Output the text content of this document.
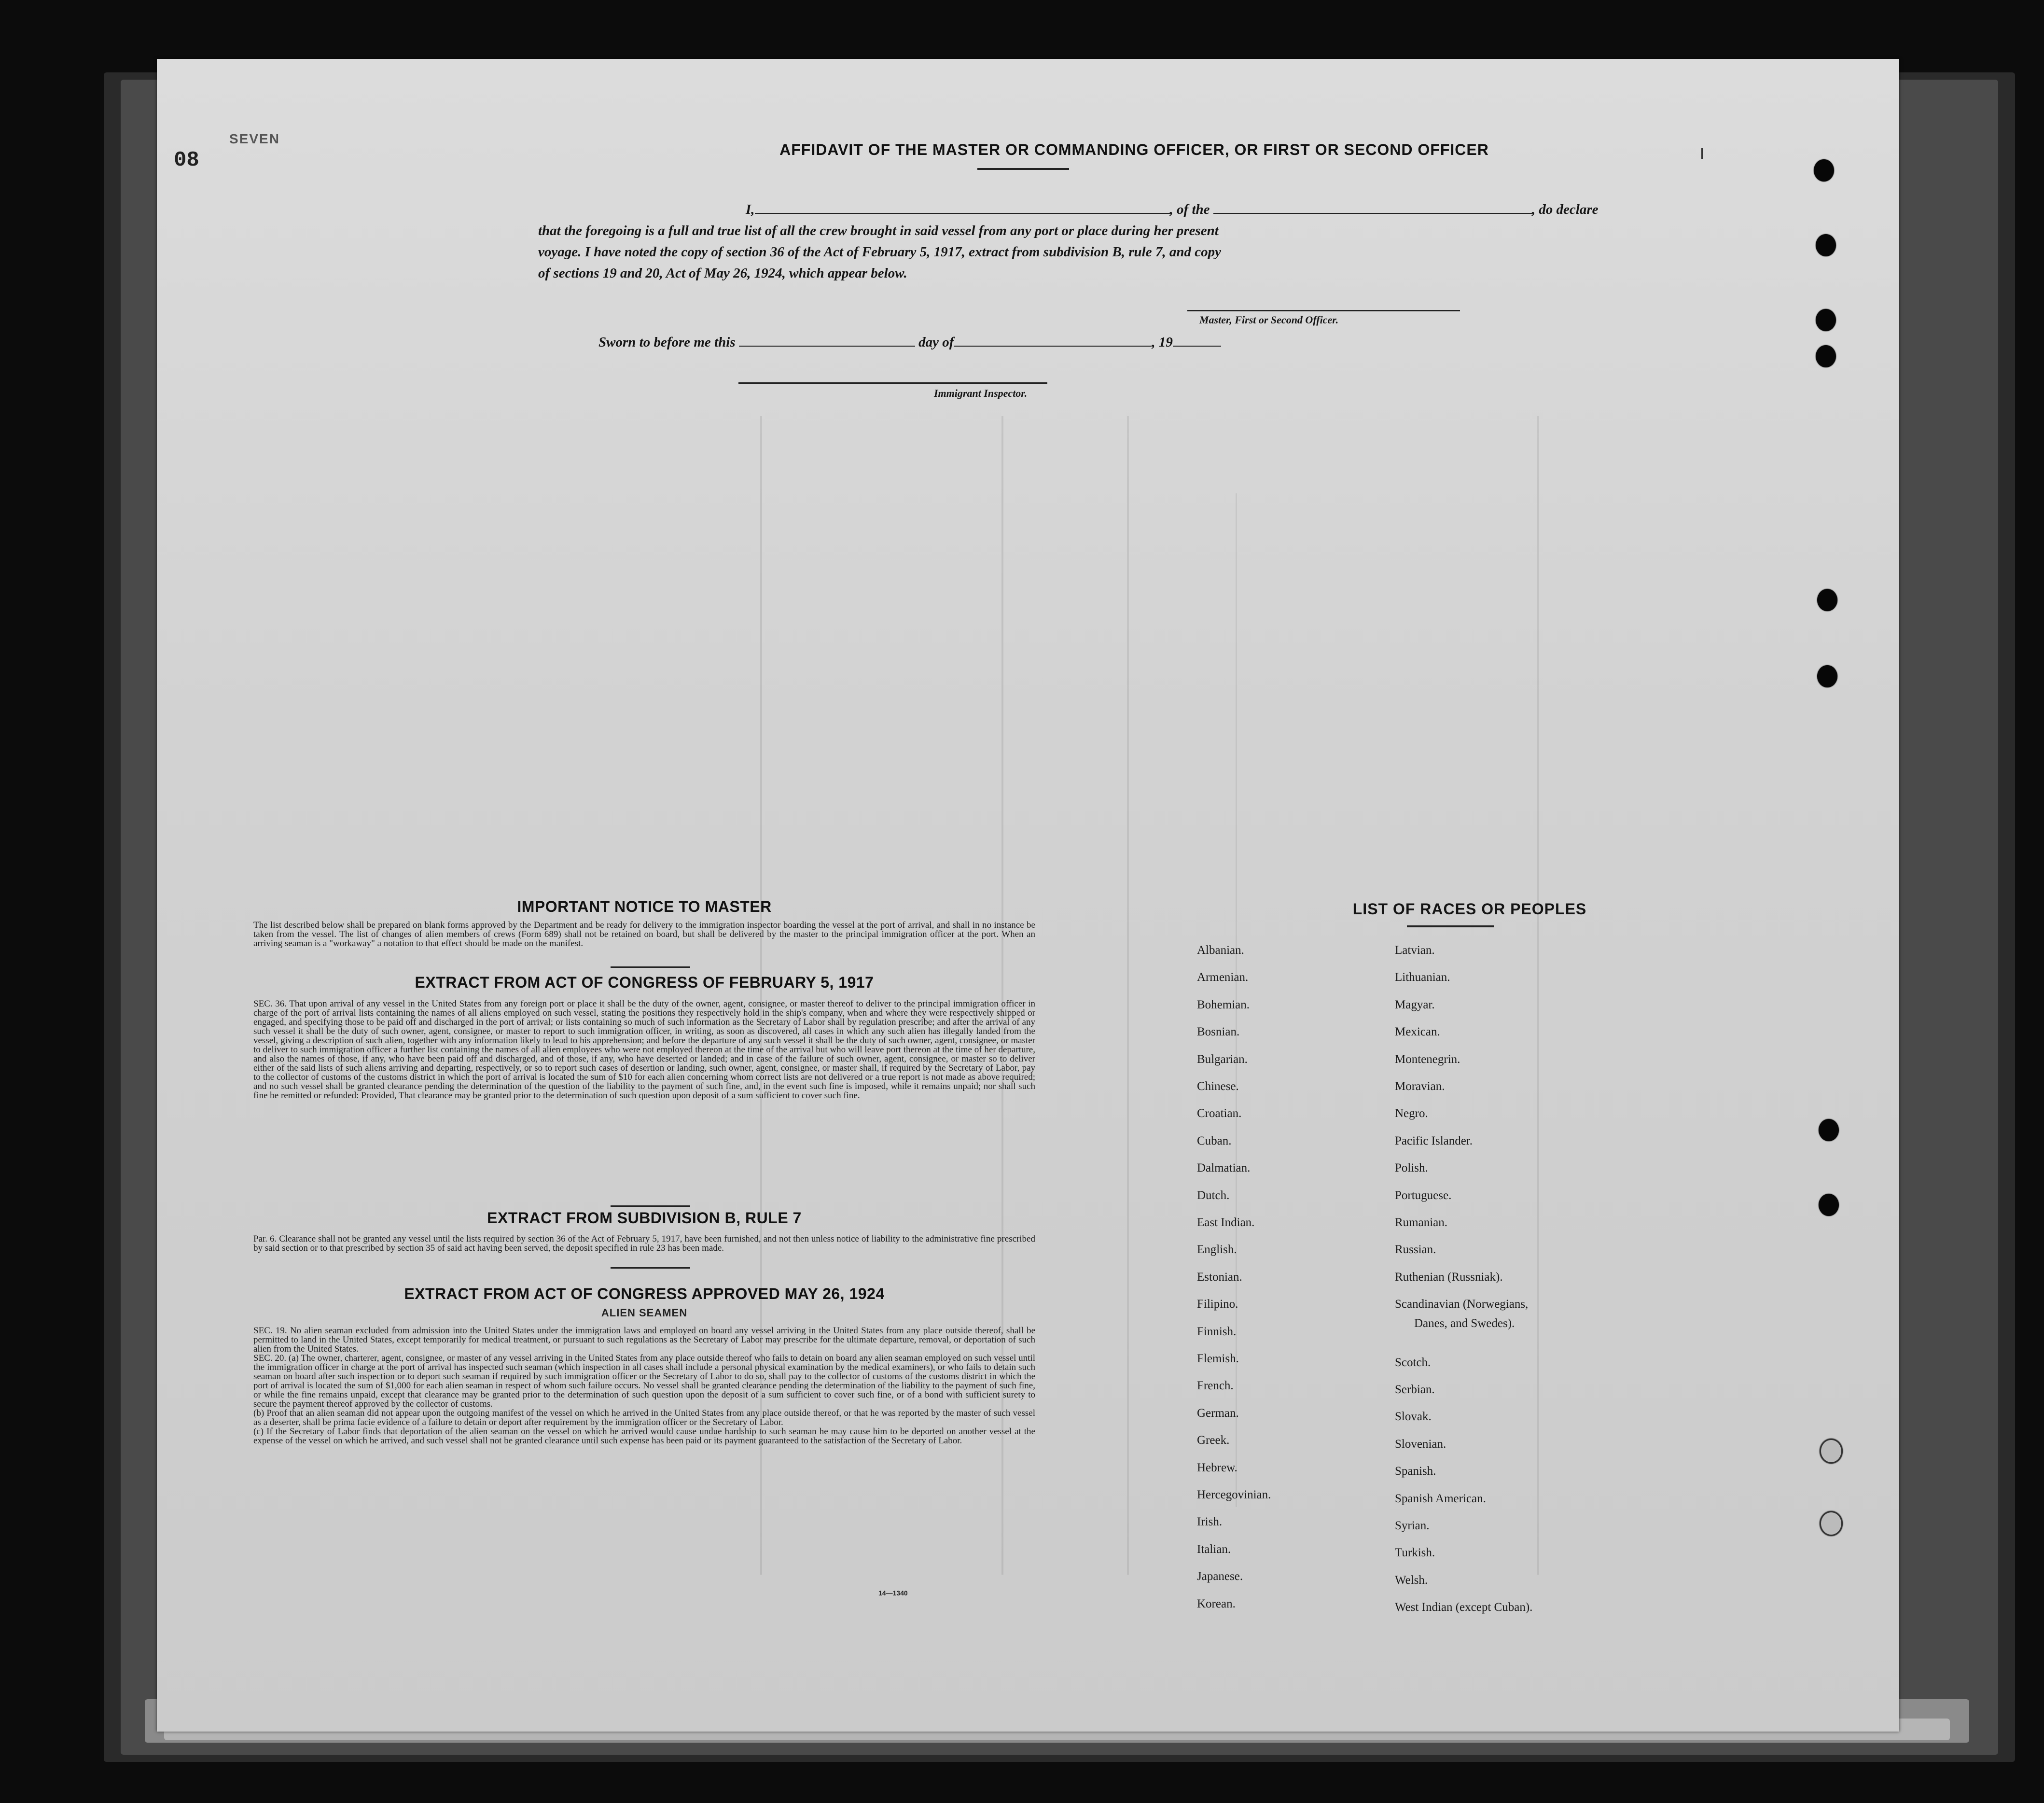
SEVEN
08	AFFIDAVIT OF THE MASTER OR COMMANDING OFFICER, OR FIRST OR SECOND OFFICER
I,	, of the	, do declare
that the foregoing is a full and true list of all the crew brought in said vessel from any port or place during her present
voyage. I have noted the copy of section 36 of the Act of February 5, 1917, extract from subdivision B, rule 7, and copy
of sections 19 and 20, Act of May 26, 1924, which appear below.
Master, First or Second Officer.
Sworn to before me this	day of	, 19
Immigrant Inspector.

IMPORTANT NOTICE TO MASTER
The list described below shall be prepared on blank forms approved by the Department and be ready for delivery to the immigration inspector boarding the vessel at the port of arrival, and shall in no instance be taken from the vessel. The list of changes of alien members of crews (Form 689) shall not be retained on board, but shall be delivered by the master to the principal immigration officer at the port. When an arriving seaman is a "workaway" a notation to that effect should be made on the manifest.
EXTRACT FROM ACT OF CONGRESS OF FEBRUARY 5, 1917
SEC. 36. That upon arrival of any vessel in the United States from any foreign port or place it shall be the duty of the owner, agent, consignee, or master thereof to deliver to the principal immigration officer in charge of the port of arrival lists containing the names of all aliens employed on such vessel, stating the positions they respectively hold in the ship's company, when and where they were respectively shipped or engaged, and specifying those to be paid off and discharged in the port of arrival; or lists containing so much of such information as the Secretary of Labor shall by regulation prescribe; and after the arrival of any such vessel it shall be the duty of such owner, agent, consignee, or master to report to such immigration officer, in writing, as soon as discovered, all cases in which any such alien has illegally landed from the vessel, giving a description of such alien, together with any information likely to lead to his apprehension; and before the departure of any such vessel it shall be the duty of such owner, agent, consignee, or master to deliver to such immigration officer a further list containing the names of all alien employees who were not employed thereon at the time of the arrival but who will leave port thereon at the time of her departure, and also the names of those, if any, who have been paid off and discharged, and of those, if any, who have deserted or landed; and in case of the failure of such owner, agent, consignee, or master so to deliver either of the said lists of such aliens arriving and departing, respectively, or so to report such cases of desertion or landing, such owner, agent, consignee, or master shall, if required by the Secretary of Labor, pay to the collector of customs of the customs district in which the port of arrival is located the sum of $10 for each alien concerning whom correct lists are not delivered or a true report is not made as above required; and no such vessel shall be granted clearance pending the determination of the question of the liability to the payment of such fine, and, in the event such fine is imposed, while it remains unpaid; nor shall such fine be remitted or refunded: Provided, That clearance may be granted prior to the determination of such question upon deposit of a sum sufficient to cover such fine.
EXTRACT FROM SUBDIVISION B, RULE 7
Par. 6. Clearance shall not be granted any vessel until the lists required by section 36 of the Act of February 5, 1917, have been furnished, and not then unless notice of liability to the administrative fine prescribed by said section or to that prescribed by section 35 of said act having been served, the deposit specified in rule 23 has been made.
EXTRACT FROM ACT OF CONGRESS APPROVED MAY 26, 1924
ALIEN SEAMEN
SEC. 19. No alien seaman excluded from admission into the United States under the immigration laws and employed on board any vessel arriving in the United States from any place outside thereof, shall be permitted to land in the United States, except temporarily for medical treatment, or pursuant to such regulations as the Secretary of Labor may prescribe for the ultimate departure, removal, or deportation of such alien from the United States.
SEC. 20. (a) The owner, charterer, agent, consignee, or master of any vessel arriving in the United States from any place outside thereof who fails to detain on board any alien seaman employed on such vessel until the immigration officer in charge at the port of arrival has inspected such seaman (which inspection in all cases shall include a personal physical examination by the medical examiners), or who fails to detain such seaman on board after such inspection or to deport such seaman if required by such immigration officer or the Secretary of Labor to do so, shall pay to the collector of customs of the customs district in which the port of arrival is located the sum of $1,000 for each alien seaman in respect of whom such failure occurs. No vessel shall be granted clearance pending the determination of the liability to the payment of such fine, or while the fine remains unpaid, except that clearance may be granted prior to the determination of such question upon the deposit of a sum sufficient to cover such fine, or of a bond with sufficient surety to secure the payment thereof approved by the collector of customs.
(b) Proof that an alien seaman did not appear upon the outgoing manifest of the vessel on which he arrived in the United States from any place outside thereof, or that he was reported by the master of such vessel as a deserter, shall be prima facie evidence of a failure to detain or deport after requirement by the immigration officer or the Secretary of Labor.
(c) If the Secretary of Labor finds that deportation of the alien seaman on the vessel on which he arrived would cause undue hardship to such seaman he may cause him to be deported on another vessel at the expense of the vessel on which he arrived, and such vessel shall not be granted clearance until such expense has been paid or its payment guaranteed to the satisfaction of the Secretary of Labor.
14—1340
LIST OF RACES OR PEOPLES
Albanian.
Armenian.
Bohemian.
Bosnian.
Bulgarian.
Chinese.
Croatian.
Cuban.
Dalmatian.
Dutch.
East Indian.
English.
Estonian.
Filipino.
Finnish.
Flemish.
French.
German.
Greek.
Hebrew.
Hercegovinian.
Irish.
Italian.
Japanese.
Korean.
Latvian.
Lithuanian.
Magyar.
Mexican.
Montenegrin.
Moravian.
Negro.
Pacific Islander.
Polish.
Portuguese.
Rumanian.
Russian.
Ruthenian (Russniak).
Scandinavian (Norwegians,
Danes, and Swedes).
Scotch.
Serbian.
Slovak.
Slovenian.
Spanish.
Spanish American.
Syrian.
Turkish.
Welsh.
West Indian (except Cuban).
